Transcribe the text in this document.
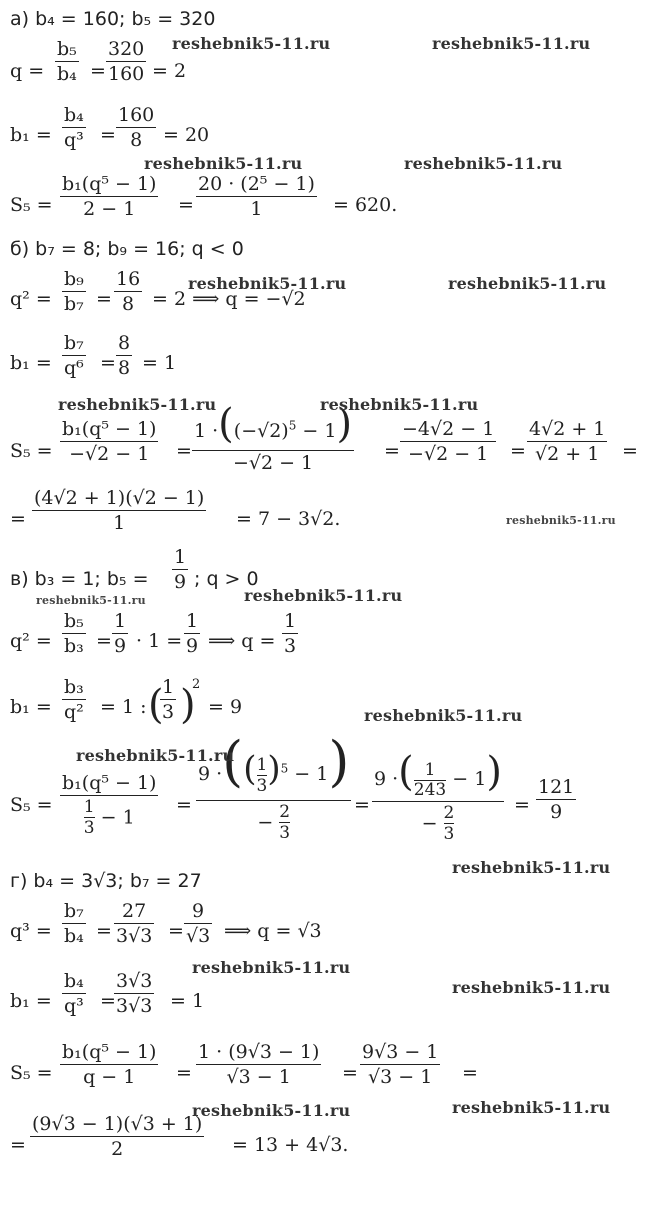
а) b₄ = 160; b₅ = 320
$q = \frac{\text{b₅}}{\text{b₄}} = \frac{320}{160} = 2$
$b_1 = \frac{\text{b₄}}{\text{q³}} = \frac{160}{8} = 20$
$S_5 = \frac{\text{b₁(q⁵ − 1)}}{2 - 1} = \frac{\text{20 · (2⁵ − 1)}}{1} = 620$.
б) b₇ = 8; b₉ = 16; q < 0
$q^2 = \frac{\text{b₉}}{\text{b₇}} = \frac{16}{8} = 2$ ⟹ q = −√2
$b_1 = \frac{\text{b₇}}{\text{q⁶}} = \frac{8}{8} = 1$
$S_5 = \frac{\text{b₁(q⁵ − 1)}}{-√2 - 1} = \frac{1 \cdot((-√2)^5 - 1)}{-√2 - 1} = \frac{-4√2 - 1}{-√2 - 1} = \frac{4√2 + 1}{√2 + 1}$ =
= $\frac{(4√2 + 1)(√2 - 1)}{1} = 7 - 3√2$.
в) b₃ = 1; $b_5 = \frac{1}{9}$ ; q > 0
$q^2 = \frac{\text{b₅}}{\text{b₃}} = \frac{1}{9} \cdot 1 = \frac{1}{9}$ ⟹ $q = \frac{1}{3}$
$b_1 = \frac{\text{b₃}}{\text{q²}} = 1$ : (
$\frac{1}{3}$ )
2
= 9
$S_5 = \frac{\text{b₁(q⁵ − 1)}}{\frac{1}{3} - 1} = \frac{9 \cdot(( \frac{1}{3} )^5 - 1)}{- \frac{2}{3}} = \frac{9 \cdot( \frac{1}{243} - 1)}{- \frac{2}{3}} = \frac{121}{9}$
г) b₄ = 3√3; b₇ = 27
$q^3 = \frac{\text{b₇}}{\text{b₄}} = \frac{27}{3√3} = \frac{9}{√3}$ ⟹ q = √3
$b_1 = \frac{\text{b₄}}{\text{q³}}$ =
$\frac{3√3}{3√3} = 1$
$S_5 = \frac{\text{b₁(q⁵ − 1)}}{q - 1} = \frac{1 \cdot (9√3 - 1)}{√3 - 1} = \frac{9√3 - 1}{√3 - 1}$ =
= $\frac{(9√3 - 1)(√3 + 1)}{2} = 13 + 4√3$.
reshebnik5-11.ru	reshebnik5-11.ru
reshebnik5-11.ru	reshebnik5-11.ru
reshebnik5-11.ru	reshebnik5-11.ru
reshebnik5-11.ru	reshebnik5-11.ru
reshebnik5-11.ru
reshebnik5-11.ru	reshebnik5-11.ru
reshebnik5-11.ru
reshebnik5-11.ru
reshebnik5-11.ru
reshebnik5-11.ru
reshebnik5-11.ru
reshebnik5-11.ru	reshebnik5-11.ru
